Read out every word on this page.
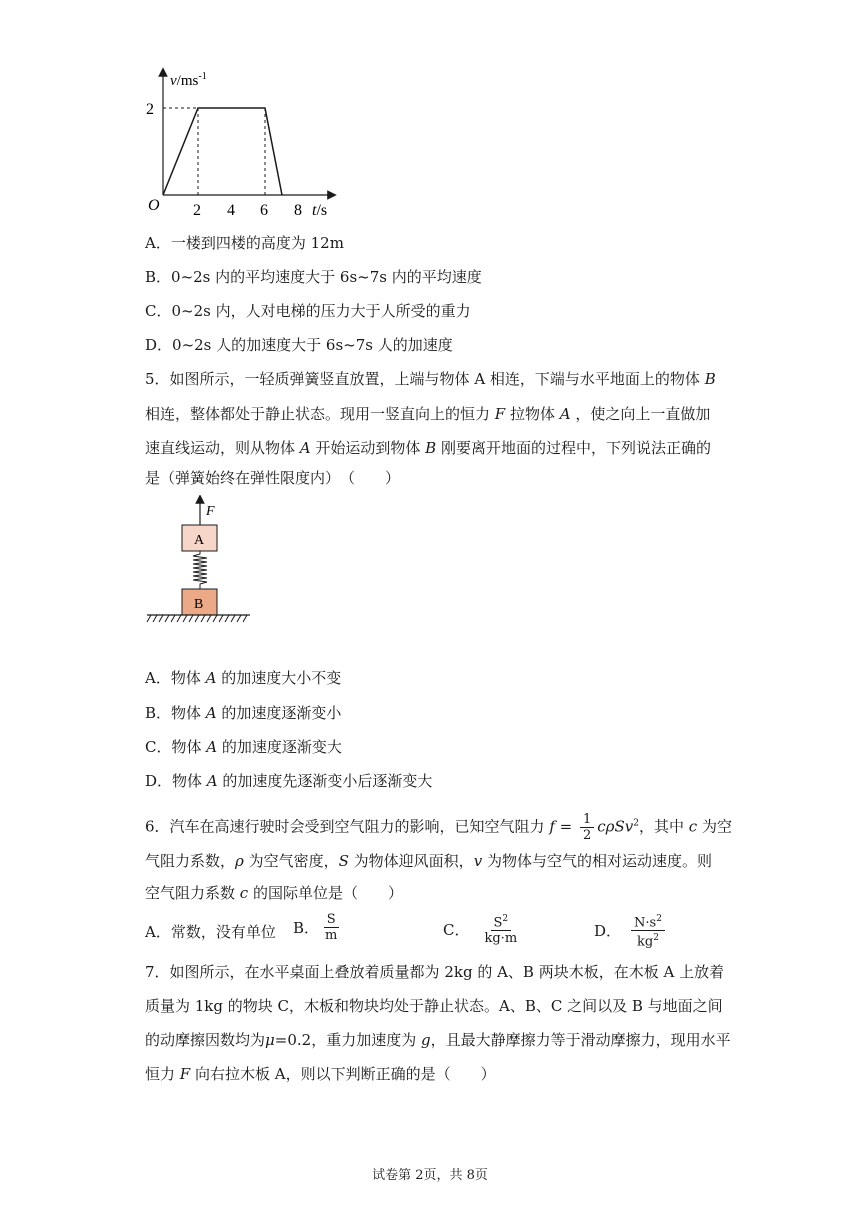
$v/ms^{-1}$
2
O 2 4 6 8 t/s
A．一楼到四楼的高度为 12m
B．0~2s 内的平均速度大于 6s~7s 内的平均速度
C．0~2s 内，人对电梯的压力大于人所受的重力
D．0~2s 人的加速度大于 6s~7s 人的加速度
5．如图所示，一轻质弹簧竖直放置，上端与物体 A 相连，下端与水平地面上的物体 B
相连，整体都处于静止状态。现用一竖直向上的恒力 F 拉物体 A ，使之向上一直做加
速直线运动，则从物体 A 开始运动到物体 B 刚要离开地面的过程中，下列说法正确的
是（弹簧始终在弹性限度内）　（　　）
F
A
B
A．物体 A 的加速度大小不变
B．物体 A 的加速度逐渐变小
C．物体 A 的加速度逐渐变大
D．物体 A 的加速度先逐渐变小后逐渐变大
6．汽车在高速行驶时会受到空气阻力的影响，已知空气阻力 $f = \frac{1}{2} c\rho Sv^2$，其中 c 为空
气阻力系数，ρ 为空气密度，S 为物体迎风面积，v 为物体与空气的相对运动速度。则
空气阻力系数 c 的国际单位是（　　）
A．常数，没有单位 B． $\frac{S}{m}$	C． $\frac{S^2}{kg\cdot m}$	D． $\frac{N\cdot s^2}{kg^2}$
7．如图所示，在水平桌面上叠放着质量都为 2kg 的 A、B 两块木板，在木板 A 上放着
质量为 1kg 的物块 C，木板和物块均处于静止状态。A、B、C 之间以及 B 与地面之间
的动摩擦因数均为μ=0.2，重力加速度为 g，且最大静摩擦力等于滑动摩擦力，现用水平
恒力 F 向右拉木板 A，则以下判断正确的是（　　）
试卷第 2页，共 8页
